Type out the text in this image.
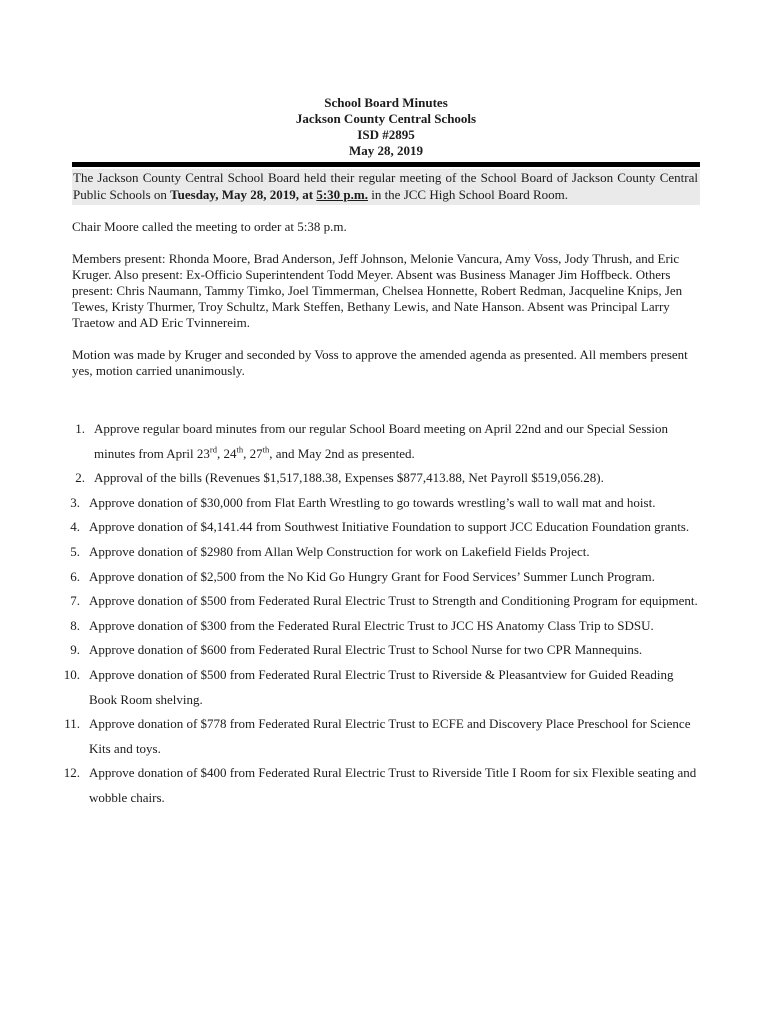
School Board Minutes
Jackson County Central Schools
ISD #2895
May 28, 2019

The Jackson County Central School Board held their regular meeting of the School Board of Jackson County Central Public Schools on Tuesday, May 28, 2019, at 5:30 p.m. in the JCC High School Board Room.

Chair Moore called the meeting to order at 5:38 p.m.

Members present: Rhonda Moore, Brad Anderson, Jeff Johnson, Melonie Vancura, Amy Voss, Jody Thrush, and Eric Kruger. Also present: Ex-Officio Superintendent Todd Meyer. Absent was Business Manager Jim Hoffbeck. Others present: Chris Naumann, Tammy Timko, Joel Timmerman, Chelsea Honnette, Robert Redman, Jacqueline Knips, Jen Tewes, Kristy Thurmer, Troy Schultz, Mark Steffen, Bethany Lewis, and Nate Hanson. Absent was Principal Larry Traetow and AD Eric Tvinnereim.

Motion was made by Kruger and seconded by Voss to approve the amended agenda as presented. All members present yes, motion carried unanimously.

1. Approve regular board minutes from our regular School Board meeting on April 22nd and our Special Session minutes from April 23rd, 24th, 27th, and May 2nd as presented.
2. Approval of the bills (Revenues $1,517,188.38, Expenses $877,413.88, Net Payroll $519,056.28).
3. Approve donation of $30,000 from Flat Earth Wrestling to go towards wrestling’s wall to wall mat and hoist.
4. Approve donation of $4,141.44 from Southwest Initiative Foundation to support JCC Education Foundation grants.
5. Approve donation of $2980 from Allan Welp Construction for work on Lakefield Fields Project.
6. Approve donation of $2,500 from the No Kid Go Hungry Grant for Food Services’ Summer Lunch Program.
7. Approve donation of $500 from Federated Rural Electric Trust to Strength and Conditioning Program for equipment.
8. Approve donation of $300 from the Federated Rural Electric Trust to JCC HS Anatomy Class Trip to SDSU.
9. Approve donation of $600 from Federated Rural Electric Trust to School Nurse for two CPR Mannequins.
10. Approve donation of $500 from Federated Rural Electric Trust to Riverside & Pleasantview for Guided Reading Book Room shelving.
11. Approve donation of $778 from Federated Rural Electric Trust to ECFE and Discovery Place Preschool for Science Kits and toys.
12. Approve donation of $400 from Federated Rural Electric Trust to Riverside Title I Room for six Flexible seating and wobble chairs.
